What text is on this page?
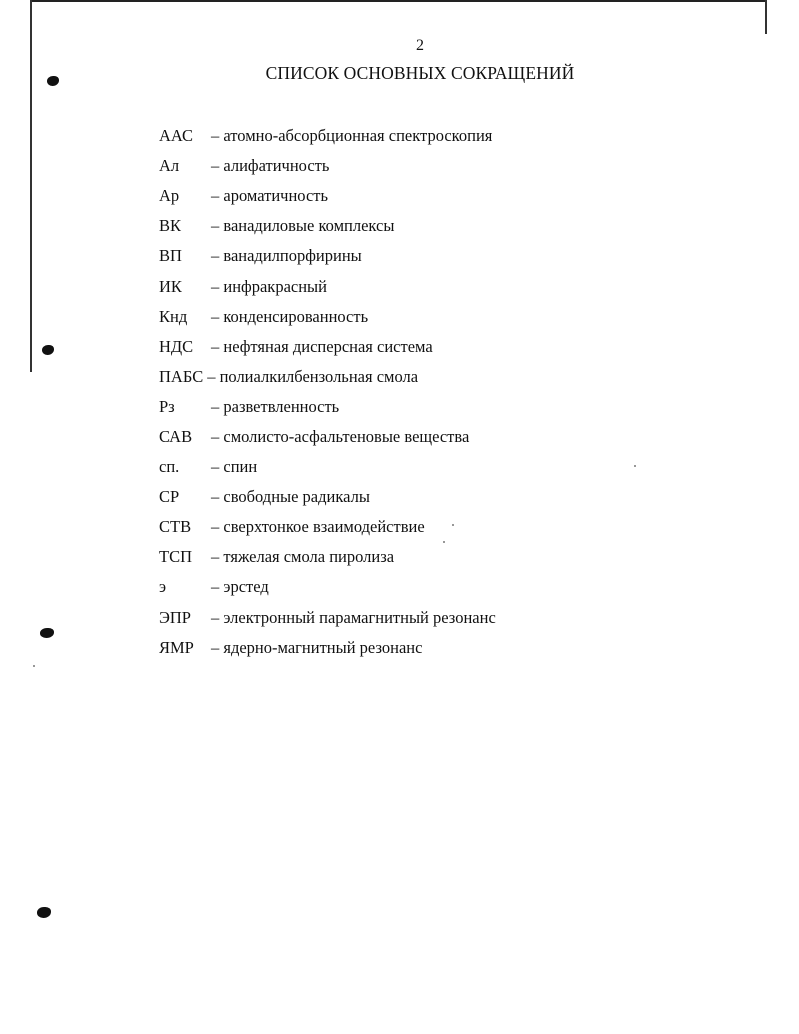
2
СПИСОК ОСНОВНЫХ СОКРАЩЕНИЙ
ААС	– атомно-абсорбционная спектроскопия
Ал	– алифатичность
Ар	– ароматичность
ВК	– ванадиловые комплексы
ВП	– ванадилпорфирины
ИК	– инфракрасный
Кнд	– конденсированность
НДС	– нефтяная дисперсная система
ПАБС – полиалкилбензольная смола
Рз	– разветвленность
САВ	– смолисто-асфальтеновые вещества
сп.	– спин
СР	– свободные радикалы
СТВ	– сверхтонкое взаимодействие
ТСП	– тяжелая смола пиролиза
э	– эрстед
ЭПР	– электронный парамагнитный резонанс
ЯМР	– ядерно-магнитный резонанс
